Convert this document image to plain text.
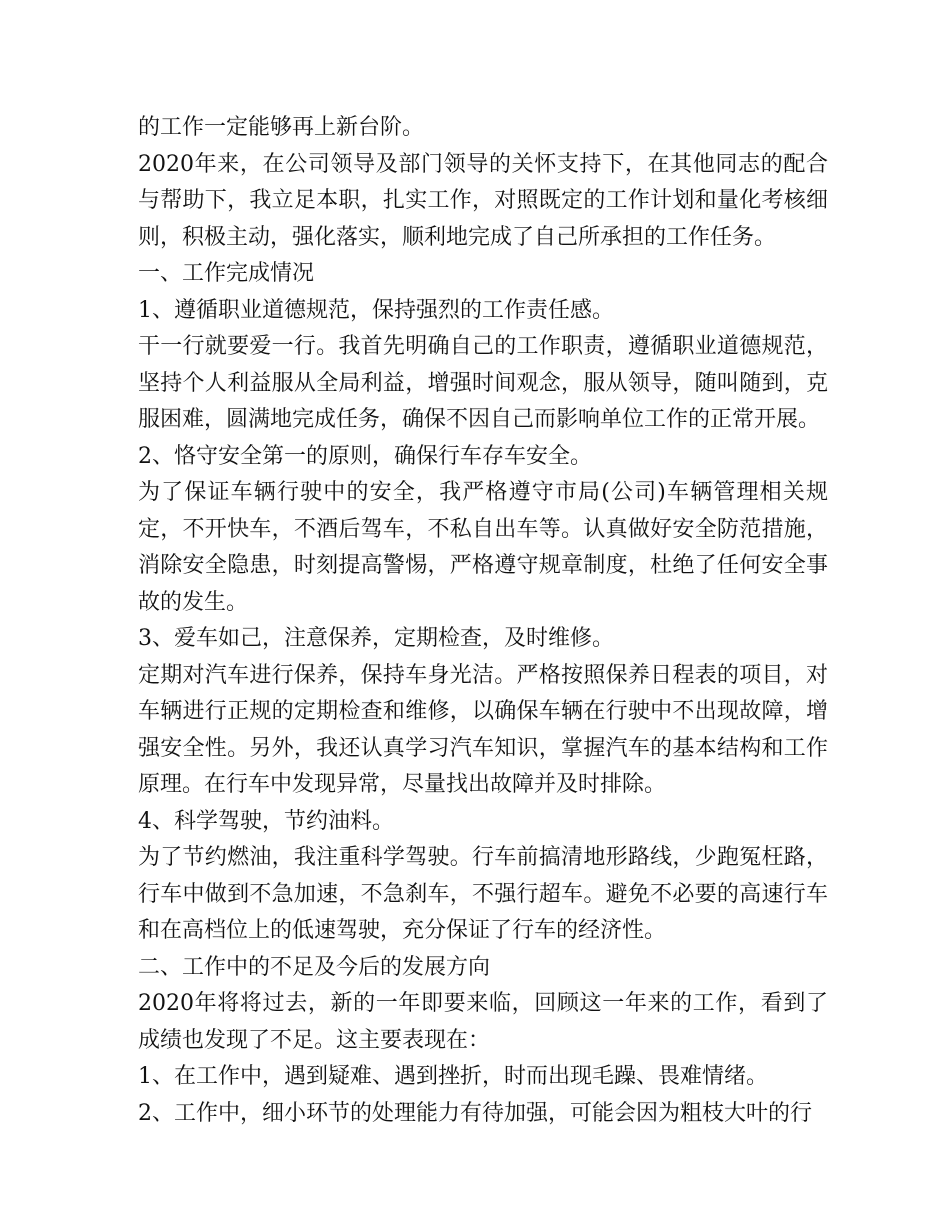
的工作一定能够再上新台阶。

2020年来，在公司领导及部门领导的关怀支持下，在其他同志的配合与帮助下，我立足本职，扎实工作，对照既定的工作计划和量化考核细则，积极主动，强化落实，顺利地完成了自己所承担的工作任务。

一、工作完成情况

1、遵循职业道德规范，保持强烈的工作责任感。

干一行就要爱一行。我首先明确自己的工作职责，遵循职业道德规范，坚持个人利益服从全局利益，增强时间观念，服从领导，随叫随到，克服困难，圆满地完成任务，确保不因自己而影响单位工作的正常开展。

2、恪守安全第一的原则，确保行车存车安全。

为了保证车辆行驶中的安全，我严格遵守市局(公司)车辆管理相关规定，不开快车，不酒后驾车，不私自出车等。认真做好安全防范措施，消除安全隐患，时刻提高警惕，严格遵守规章制度，杜绝了任何安全事故的发生。

3、爱车如己，注意保养，定期检查，及时维修。

定期对汽车进行保养，保持车身光洁。严格按照保养日程表的项目，对车辆进行正规的定期检查和维修，以确保车辆在行驶中不出现故障，增强安全性。另外，我还认真学习汽车知识，掌握汽车的基本结构和工作原理。在行车中发现异常，尽量找出故障并及时排除。

4、科学驾驶，节约油料。

为了节约燃油，我注重科学驾驶。行车前搞清地形路线，少跑冤枉路，行车中做到不急加速，不急刹车，不强行超车。避免不必要的高速行车和在高档位上的低速驾驶，充分保证了行车的经济性。

二、工作中的不足及今后的发展方向

2020年将将过去，新的一年即要来临，回顾这一年来的工作，看到了成绩也发现了不足。这主要表现在：

1、在工作中，遇到疑难、遇到挫折，时而出现毛躁、畏难情绪。

2、工作中，细小环节的处理能力有待加强，可能会因为粗枝大叶的行
